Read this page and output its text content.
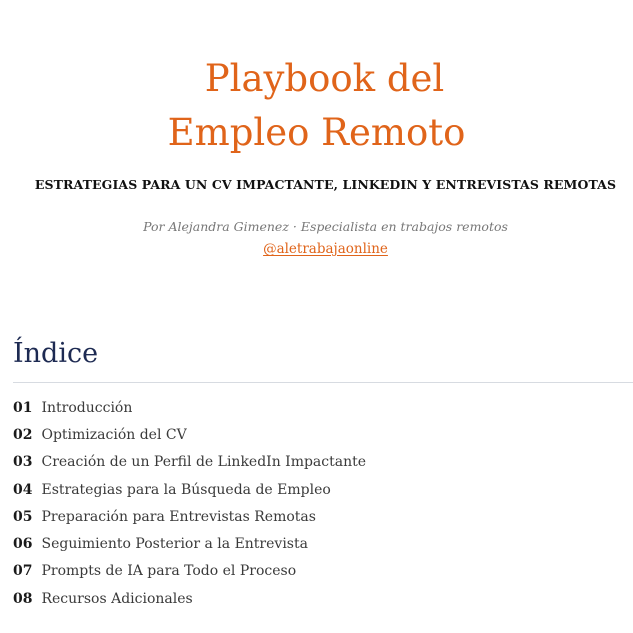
Playbook del
Empleo Remoto
ESTRATEGIAS PARA UN CV IMPACTANTE, LINKEDIN Y ENTREVISTAS REMOTAS
Por Alejandra Gimenez · Especialista en trabajos remotos
@aletrabajaonline
Índice
01 Introducción
02 Optimización del CV
03 Creación de un Perfil de LinkedIn Impactante
04 Estrategias para la Búsqueda de Empleo
05 Preparación para Entrevistas Remotas
06 Seguimiento Posterior a la Entrevista
07 Prompts de IA para Todo el Proceso
08 Recursos Adicionales
